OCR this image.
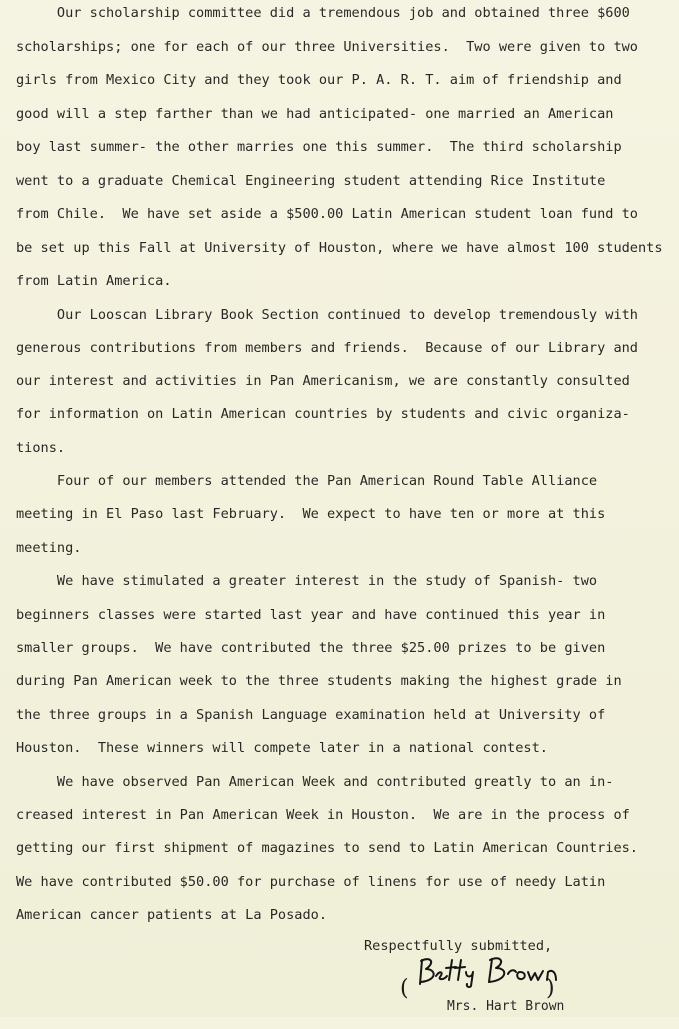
Our scholarship committee did a tremendous job and obtained three $600
scholarships; one for each of our three Universities.  Two were given to two
girls from Mexico City and they took our P. A. R. T. aim of friendship and
good will a step farther than we had anticipated- one married an American
boy last summer- the other marries one this summer.  The third scholarship
went to a graduate Chemical Engineering student attending Rice Institute
from Chile.  We have set aside a $500.00 Latin American student loan fund to
be set up this Fall at University of Houston, where we have almost 100 students
from Latin America.
Our Looscan Library Book Section continued to develop tremendously with
generous contributions from members and friends.  Because of our Library and
our interest and activities in Pan Americanism, we are constantly consulted
for information on Latin American countries by students and civic organiza-
tions.
Four of our members attended the Pan American Round Table Alliance
meeting in El Paso last February.  We expect to have ten or more at this
meeting.
We have stimulated a greater interest in the study of Spanish- two
beginners classes were started last year and have continued this year in
smaller groups.  We have contributed the three $25.00 prizes to be given
during Pan American week to the three students making the highest grade in
the three groups in a Spanish Language examination held at University of
Houston.  These winners will compete later in a national contest.
We have observed Pan American Week and contributed greatly to an in-
creased interest in Pan American Week in Houston.  We are in the process of
getting our first shipment of magazines to send to Latin American Countries.
We have contributed $50.00 for purchase of linens for use of needy Latin
American cancer patients at La Posado.
Respectfully submitted,
(

Mrs. Hart Brown

)
